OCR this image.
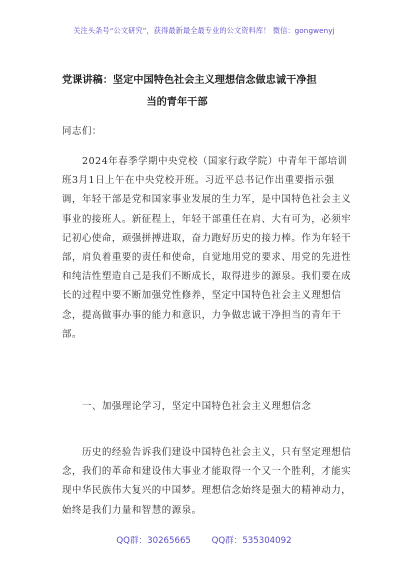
关注头条号“公文研究”，获得最新最全最专业的公文资料库！ 微信：gongwenyj
党课讲稿：坚定中国特色社会主义理想信念做忠诚干净担
当的青年干部

同志们：

2024年春季学期中央党校（国家行政学院）中青年干部培训班3月1日上午在中央党校开班。习近平总书记作出重要指示强调，年轻干部是党和国家事业发展的生力军，是中国特色社会主义事业的接班人。新征程上，年轻干部重任在肩、大有可为，必须牢记初心使命，顽强拼搏进取，奋力跑好历史的接力棒。作为年轻干部，肩负着重要的责任和使命，自觉地用党的要求、用党的先进性和纯洁性塑造自己是我们不断成长，取得进步的源泉。我们要在成长的过程中要不断加强党性修养，坚定中国特色社会主义理想信念，提高做事办事的能力和意识，力争做忠诚干净担当的青年干部。

一、加强理论学习，坚定中国特色社会主义理想信念

历史的经验告诉我们建设中国特色社会主义，只有坚定理想信念，我们的革命和建设伟大事业才能取得一个又一个胜利，才能实现中华民族伟大复兴的中国梦。理想信念始终是强大的精神动力，始终是我们力量和智慧的源泉。

QQ群：30265665 QQ群：535304092
